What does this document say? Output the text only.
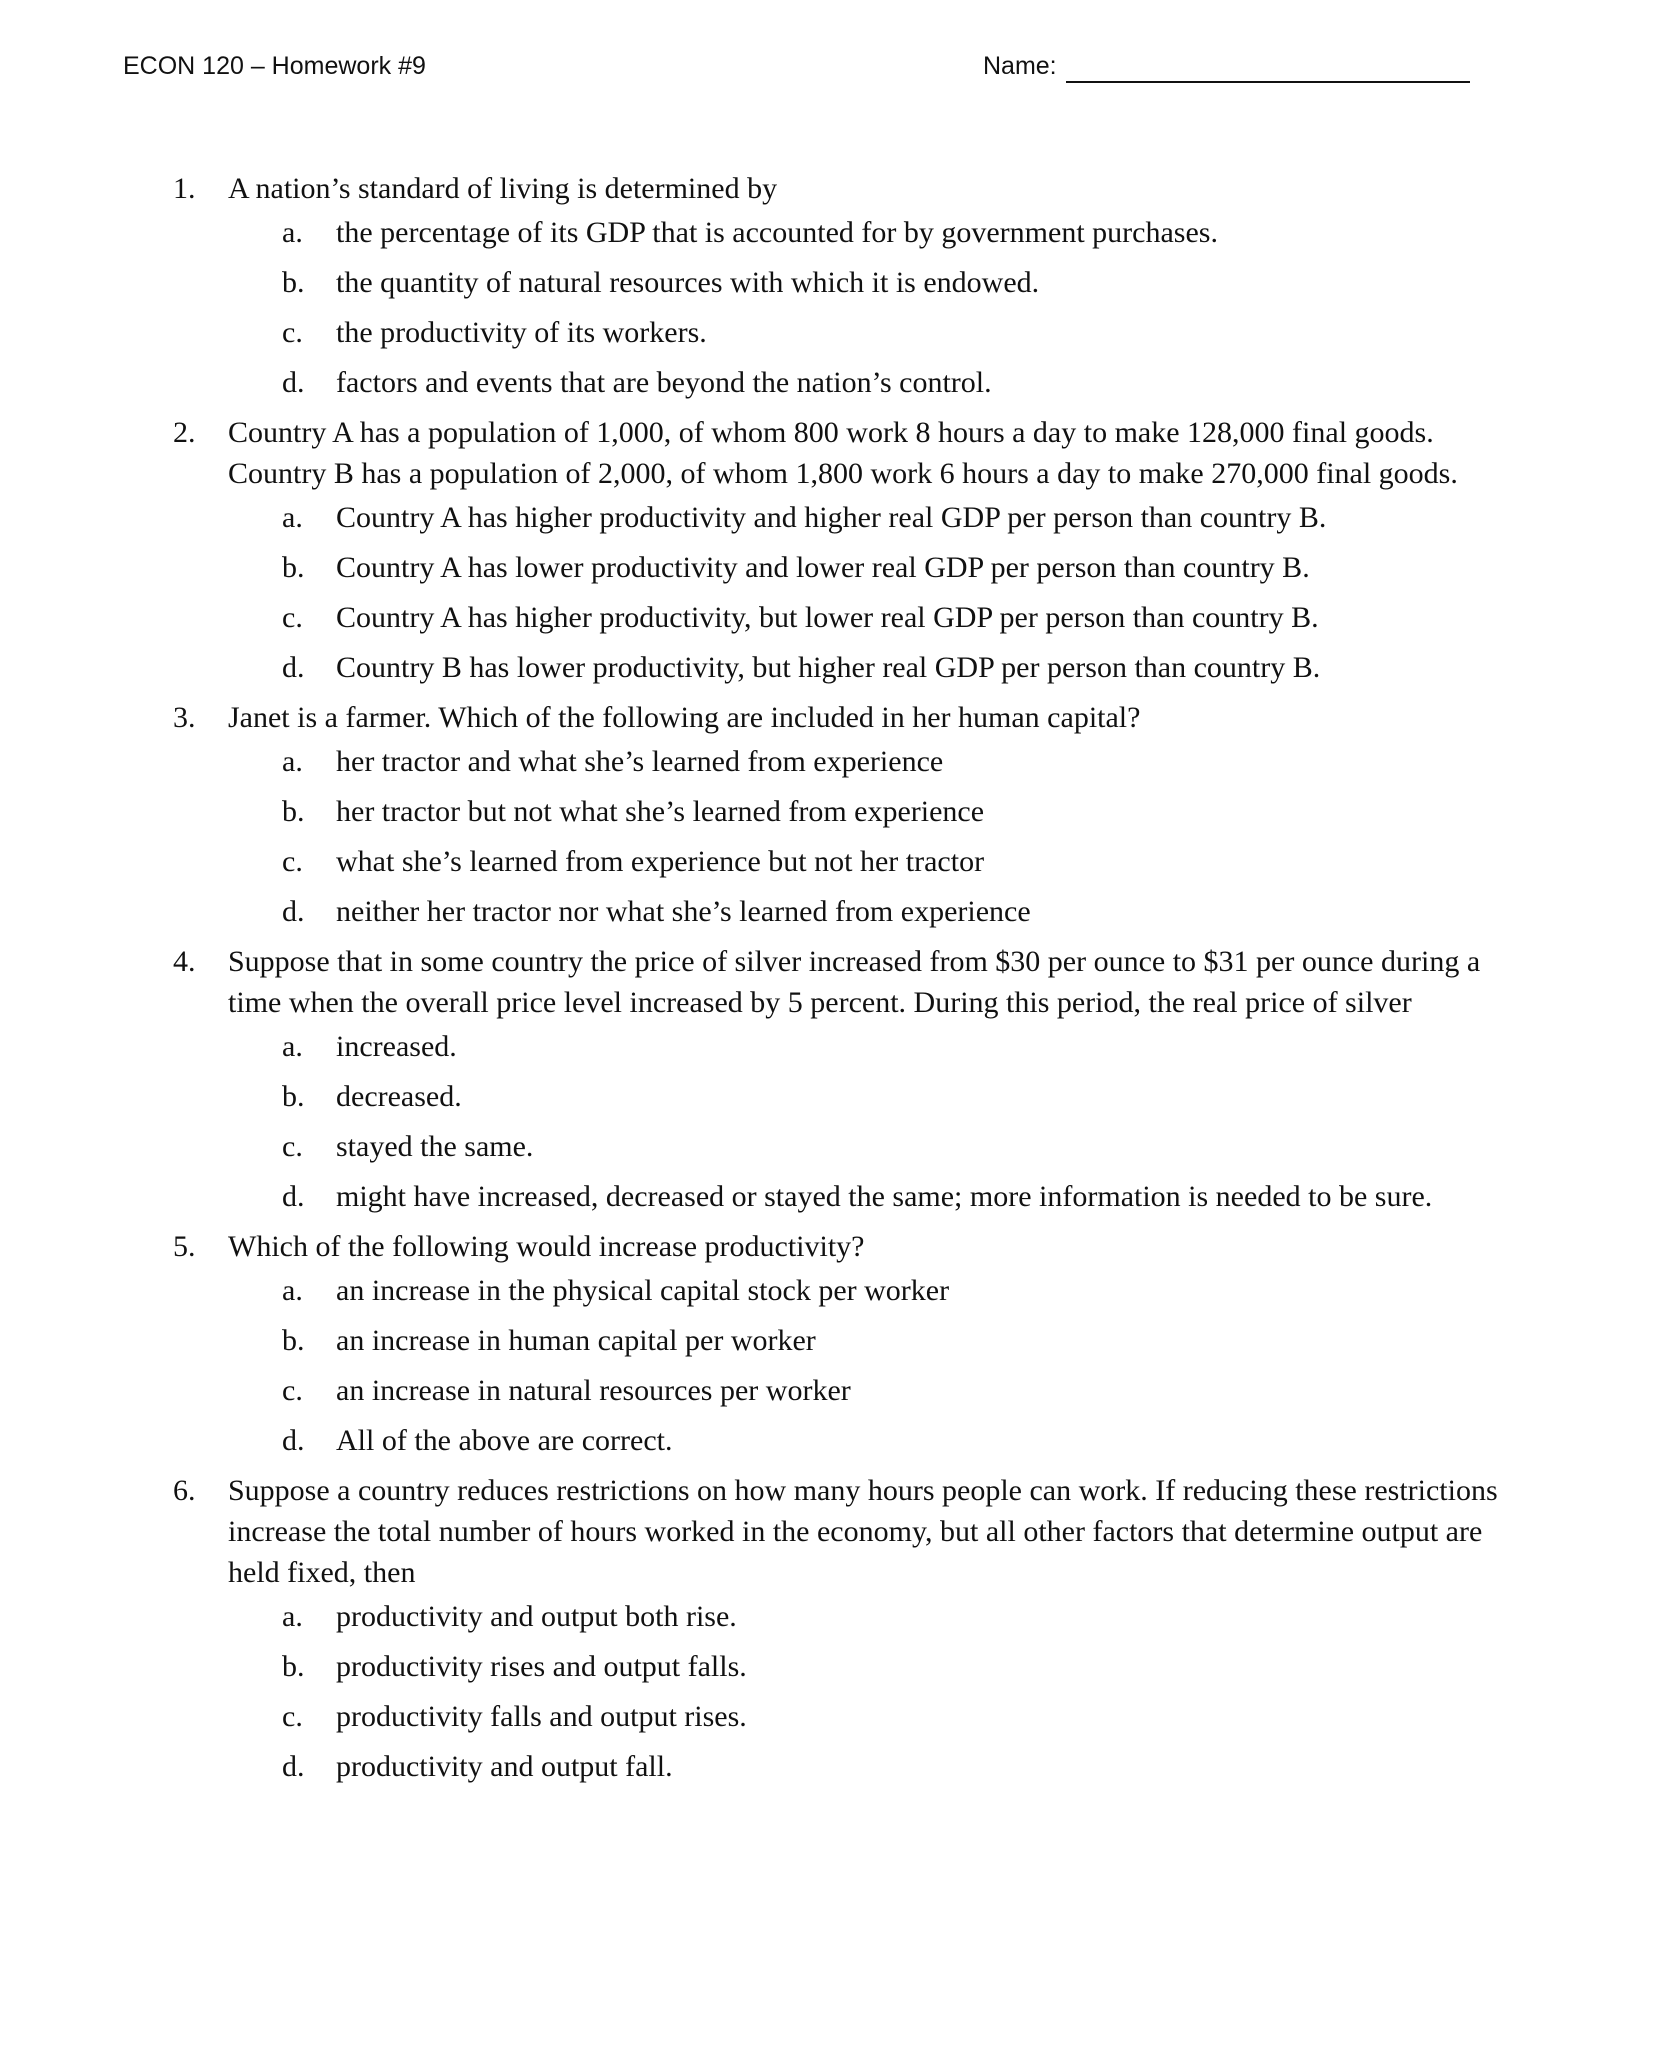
ECON 120 – Homework #9	Name:
1. A nation’s standard of living is determined by
a. the percentage of its GDP that is accounted for by government purchases.
b. the quantity of natural resources with which it is endowed.
c. the productivity of its workers.
d. factors and events that are beyond the nation’s control.
2. Country A has a population of 1,000, of whom 800 work 8 hours a day to make 128,000 final goods. Country B has a population of 2,000, of whom 1,800 work 6 hours a day to make 270,000 final goods.
a. Country A has higher productivity and higher real GDP per person than country B.
b. Country A has lower productivity and lower real GDP per person than country B.
c. Country A has higher productivity, but lower real GDP per person than country B.
d. Country B has lower productivity, but higher real GDP per person than country B.
3. Janet is a farmer. Which of the following are included in her human capital?
a. her tractor and what she’s learned from experience
b. her tractor but not what she’s learned from experience
c. what she’s learned from experience but not her tractor
d. neither her tractor nor what she’s learned from experience
4. Suppose that in some country the price of silver increased from $30 per ounce to $31 per ounce during a time when the overall price level increased by 5 percent. During this period, the real price of silver
a. increased.
b. decreased.
c. stayed the same.
d. might have increased, decreased or stayed the same; more information is needed to be sure.
5. Which of the following would increase productivity?
a. an increase in the physical capital stock per worker
b. an increase in human capital per worker
c. an increase in natural resources per worker
d. All of the above are correct.
6. Suppose a country reduces restrictions on how many hours people can work. If reducing these restrictions increase the total number of hours worked in the economy, but all other factors that determine output are held fixed, then
a. productivity and output both rise.
b. productivity rises and output falls.
c. productivity falls and output rises.
d. productivity and output fall.
